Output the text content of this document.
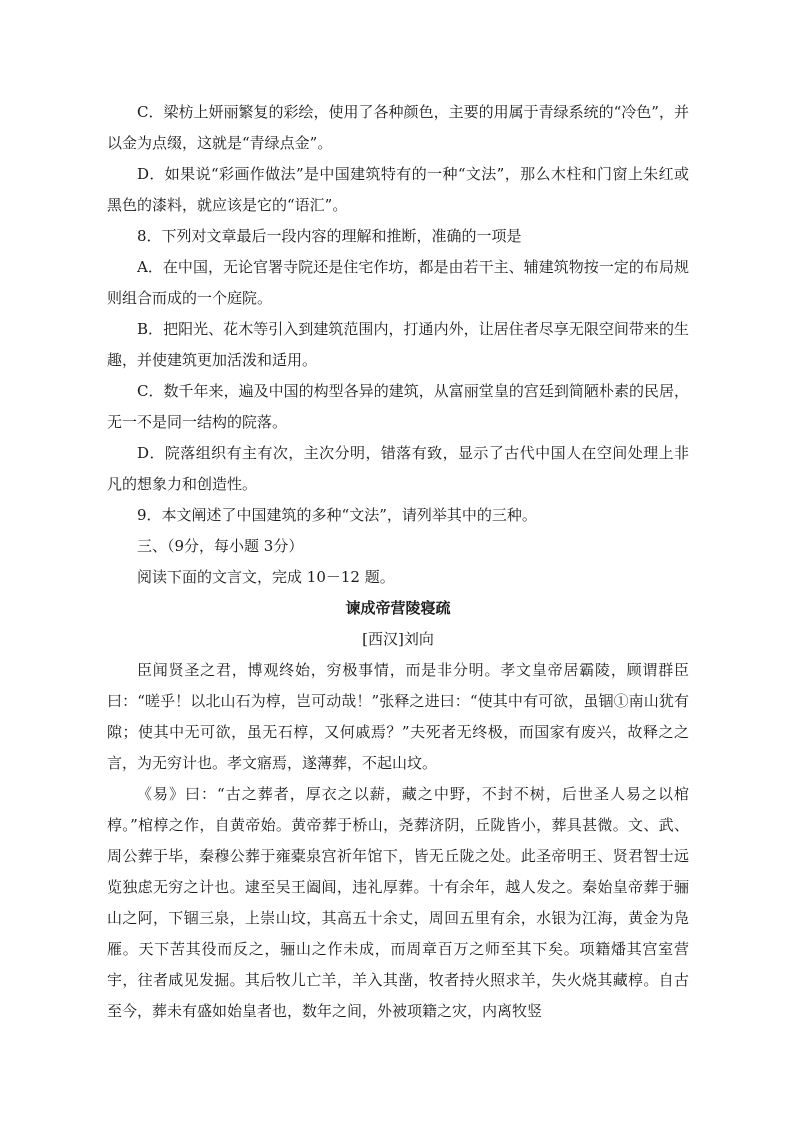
C．梁枋上妍丽繁复的彩绘，使用了各种颜色，主要的用属于青绿系统的“冷色”，并以金为点缀，这就是“青绿点金”。

D．如果说“彩画作做法”是中国建筑特有的一种“文法”，那么木柱和门窗上朱红或黑色的漆料，就应该是它的“语汇”。

8．下列对文章最后一段内容的理解和推断，准确的一项是

A．在中国，无论官署寺院还是住宅作坊，都是由若干主、辅建筑物按一定的布局规则组合而成的一个庭院。

B．把阳光、花木等引入到建筑范围内，打通内外，让居住者尽享无限空间带来的生趣，并使建筑更加活泼和适用。

C．数千年来，遍及中国的构型各异的建筑，从富丽堂皇的宫廷到简陋朴素的民居，无一不是同一结构的院落。

D．院落组织有主有次，主次分明，错落有致，显示了古代中国人在空间处理上非凡的想象力和创造性。

9．本文阐述了中国建筑的多种“文法”，请列举其中的三种。

三、（9分，每小题 3分）

阅读下面的文言文，完成 10－12 题。

谏成帝营陵寝疏

[西汉]刘向

臣闻贤圣之君，博观终始，穷极事情，而是非分明。孝文皇帝居霸陵，顾谓群臣曰：“嗟乎！以北山石为椁，岂可动哉！”张释之进曰：“使其中有可欲，虽锢①南山犹有隙；使其中无可欲，虽无石椁，又何戚焉？”夫死者无终极，而国家有废兴，故释之之言，为无穷计也。孝文寤焉，遂薄葬，不起山坟。

《易》曰：“古之葬者，厚衣之以薪，藏之中野，不封不树，后世圣人易之以棺椁。”棺椁之作，自黄帝始。黄帝葬于桥山，尧葬济阴，丘陇皆小，葬具甚微。文、武、周公葬于毕，秦穆公葬于雍橐泉宫祈年馆下，皆无丘陇之处。此圣帝明王、贤君智士远览独虑无穷之计也。逮至吴王阖闾，违礼厚葬。十有余年，越人发之。秦始皇帝葬于骊山之阿，下锢三泉，上崇山坟，其高五十余丈，周回五里有余，水银为江海，黄金为凫雁。天下苦其役而反之，骊山之作未成，而周章百万之师至其下矣。项籍燔其宫室营宇，往者咸见发掘。其后牧儿亡羊，羊入其凿，牧者持火照求羊，失火烧其藏椁。自古至今，葬未有盛如始皇者也，数年之间，外被项籍之灾，内离牧竖
